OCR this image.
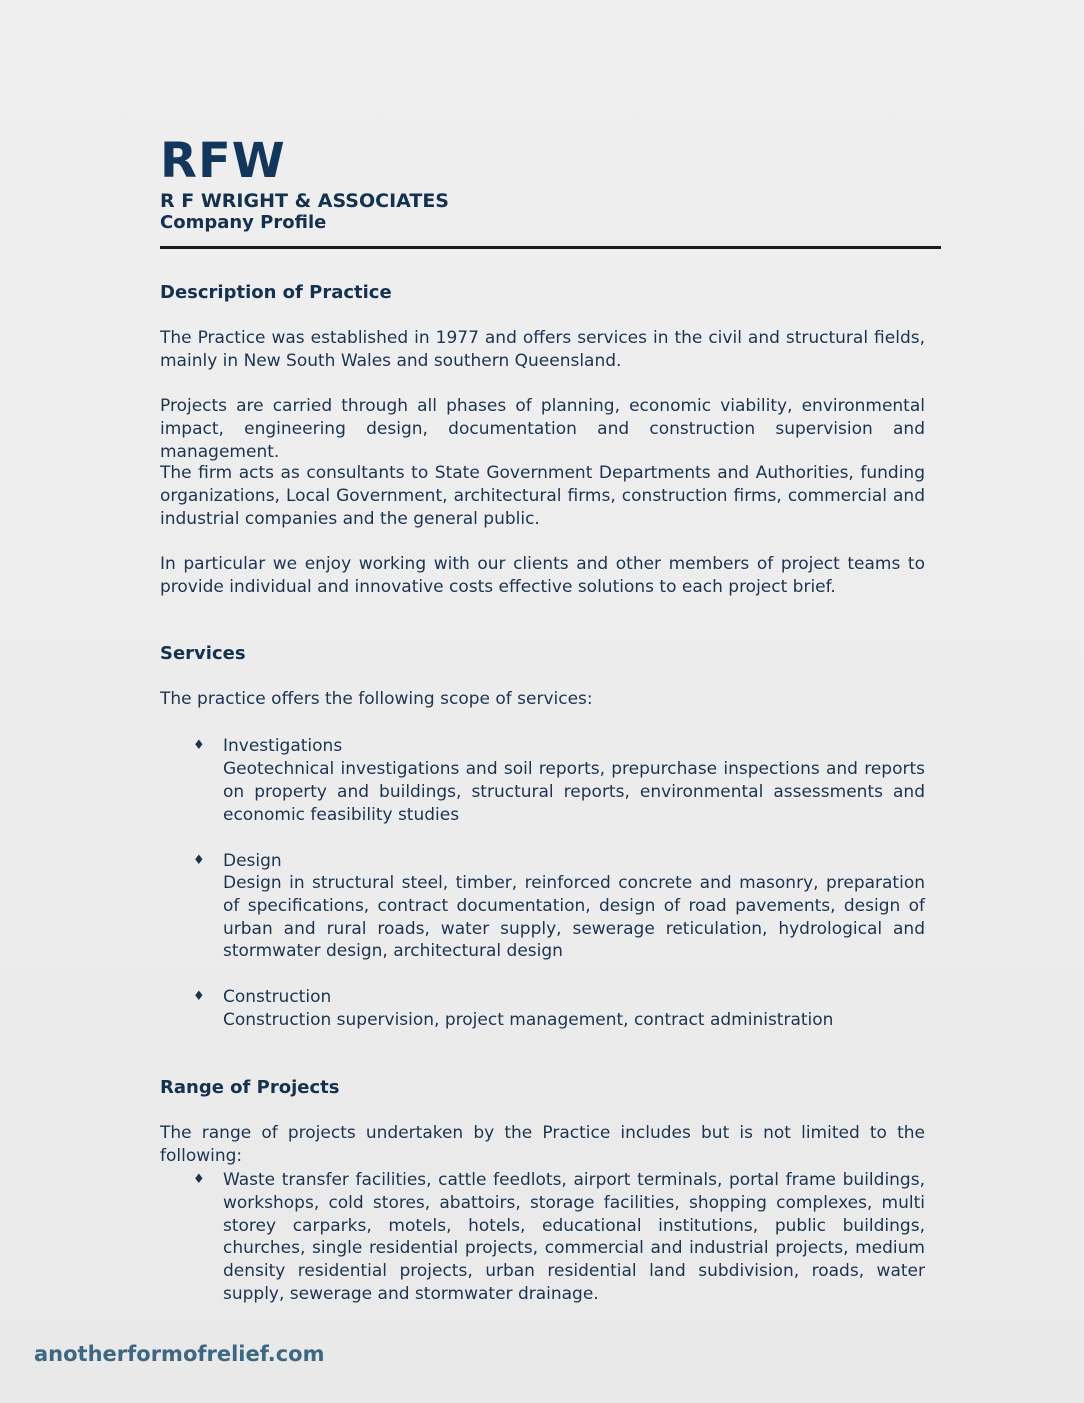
RFW
R F WRIGHT & ASSOCIATES
Company Profile
Description of Practice
The Practice was established in 1977 and offers services in the civil and structural fields, mainly in New South Wales and southern Queensland.
Projects are carried through all phases of planning, economic viability, environmental impact, engineering design, documentation and construction supervision and management.
The firm acts as consultants to State Government Departments and Authorities, funding organizations, Local Government, architectural firms, construction firms, commercial and industrial companies and the general public.
In particular we enjoy working with our clients and other members of project teams to provide individual and innovative costs effective solutions to each project brief.
Services
The practice offers the following scope of services:
♦ Investigations
Geotechnical investigations and soil reports, prepurchase inspections and reports on property and buildings, structural reports, environmental assessments and economic feasibility studies
♦ Design
Design in structural steel, timber, reinforced concrete and masonry, preparation of specifications, contract documentation, design of road pavements, design of urban and rural roads, water supply, sewerage reticulation, hydrological and stormwater design, architectural design
♦ Construction
Construction supervision, project management, contract administration
Range of Projects
The range of projects undertaken by the Practice includes but is not limited to the following:
♦ Waste transfer facilities, cattle feedlots, airport terminals, portal frame buildings, workshops, cold stores, abattoirs, storage facilities, shopping complexes, multi storey carparks, motels, hotels, educational institutions, public buildings, churches, single residential projects, commercial and industrial projects, medium density residential projects, urban residential land subdivision, roads, water supply, sewerage and stormwater drainage.
anotherformofrelief.com
